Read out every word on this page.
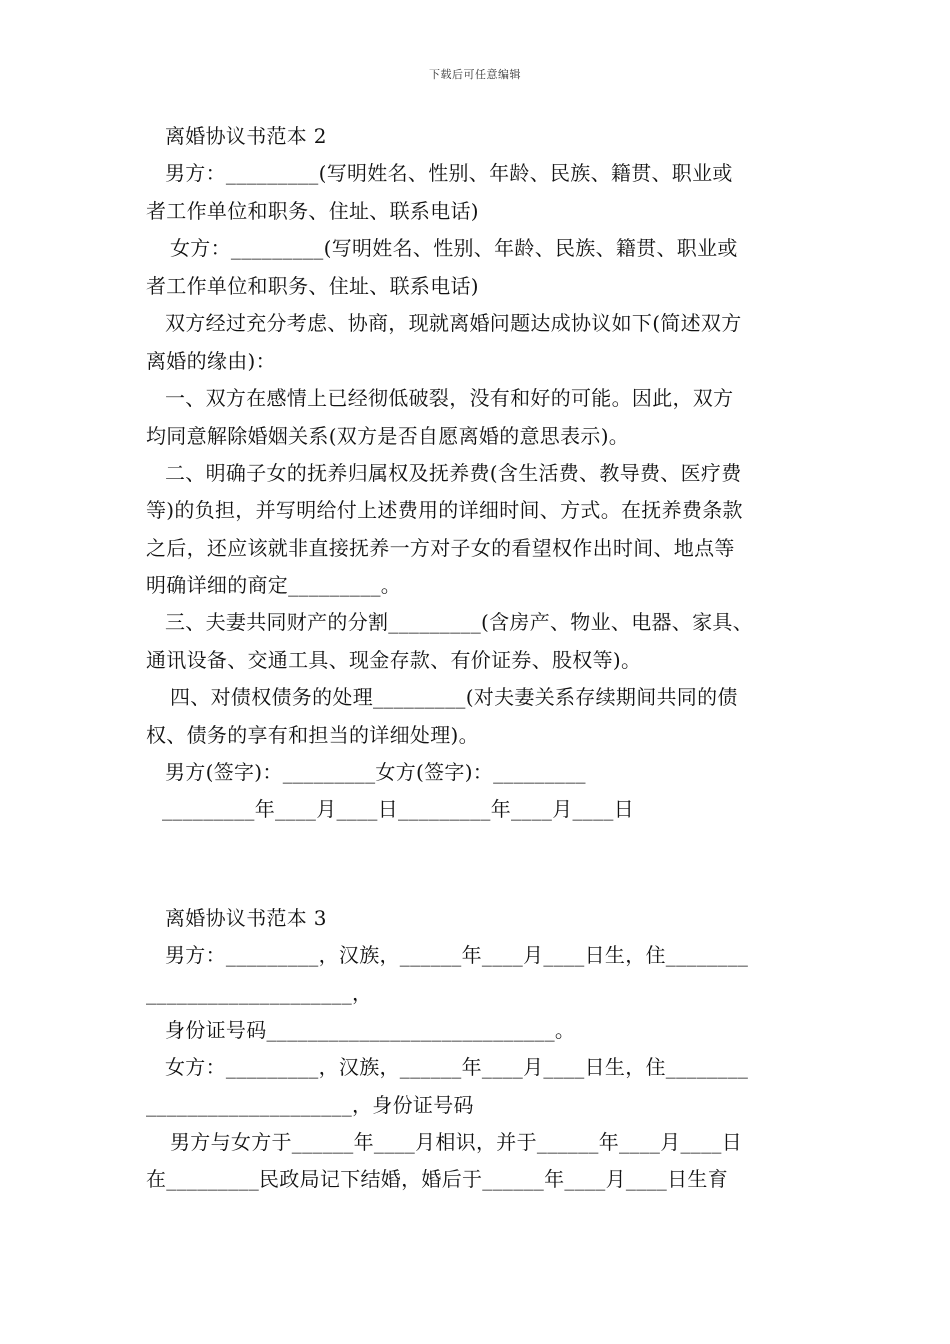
下载后可任意编辑
离婚协议书范本 2
男方：_________(写明姓名、性别、年龄、民族、籍贯、职业或
者工作单位和职务、住址、联系电话)
女方：_________(写明姓名、性别、年龄、民族、籍贯、职业或
者工作单位和职务、住址、联系电话)
双方经过充分考虑、协商，现就离婚问题达成协议如下(简述双方
离婚的缘由)：
一、双方在感情上已经彻低破裂，没有和好的可能。因此，双方
均同意解除婚姻关系(双方是否自愿离婚的意思表示)。
二、明确子女的抚养归属权及抚养费(含生活费、教导费、医疗费
等)的负担，并写明给付上述费用的详细时间、方式。在抚养费条款
之后，还应该就非直接抚养一方对子女的看望权作出时间、地点等
明确详细的商定_________。
三、夫妻共同财产的分割_________(含房产、物业、电器、家具、
通讯设备、交通工具、现金存款、有价证券、股权等)。
四、对债权债务的处理_________(对夫妻关系存续期间共同的债
权、债务的享有和担当的详细处理)。
男方(签字)：_________女方(签字)：_________
_________年____月____日_________年____月____日
离婚协议书范本 3
男方：_________，汉族，______年____月____日生，住________
____________________，
身份证号码____________________________。
女方：_________，汉族，______年____月____日生，住________
____________________，身份证号码
男方与女方于______年____月相识，并于______年____月____日
在_________民政局记下结婚，婚后于______年____月____日生育
